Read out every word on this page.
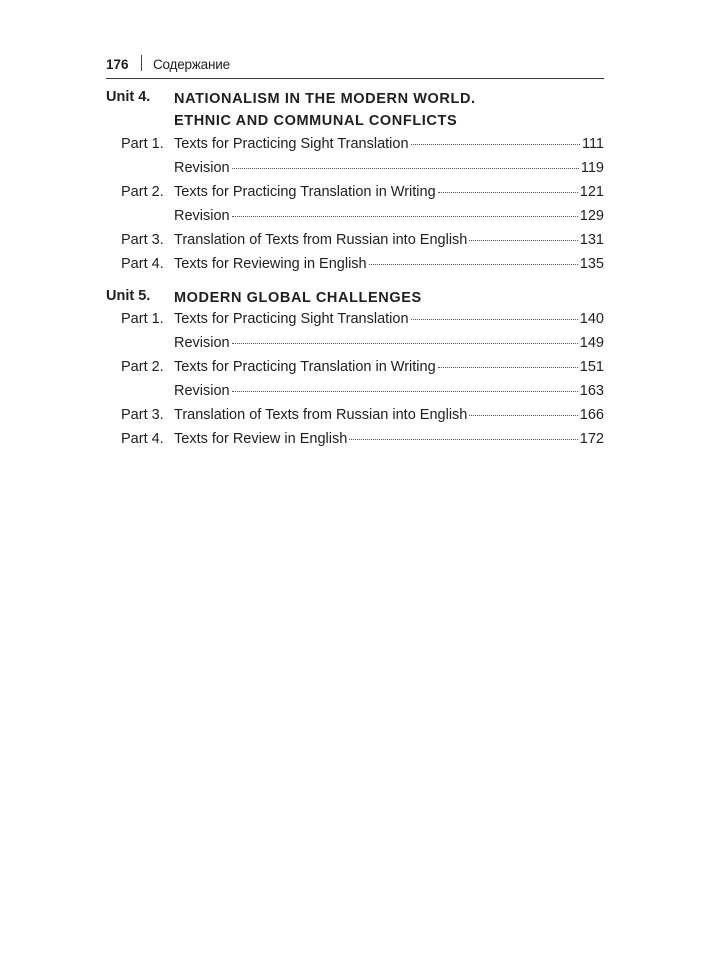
176 Содержание
Unit 4. NATIONALISM IN THE MODERN WORLD.
ETHNIC AND COMMUNAL CONFLICTS
Part 1. Texts for Practicing Sight Translation	111
Revision	119
Part 2. Texts for Practicing Translation in Writing	121
Revision	129
Part 3. Translation of Texts from Russian into English	131
Part 4. Texts for Reviewing in English	135
Unit 5. MODERN GLOBAL CHALLENGES
Part 1. Texts for Practicing Sight Translation	140
Revision	149
Part 2. Texts for Practicing Translation in Writing	151
Revision	163
Part 3. Translation of Texts from Russian into English	166
Part 4. Texts for Review in English	172
